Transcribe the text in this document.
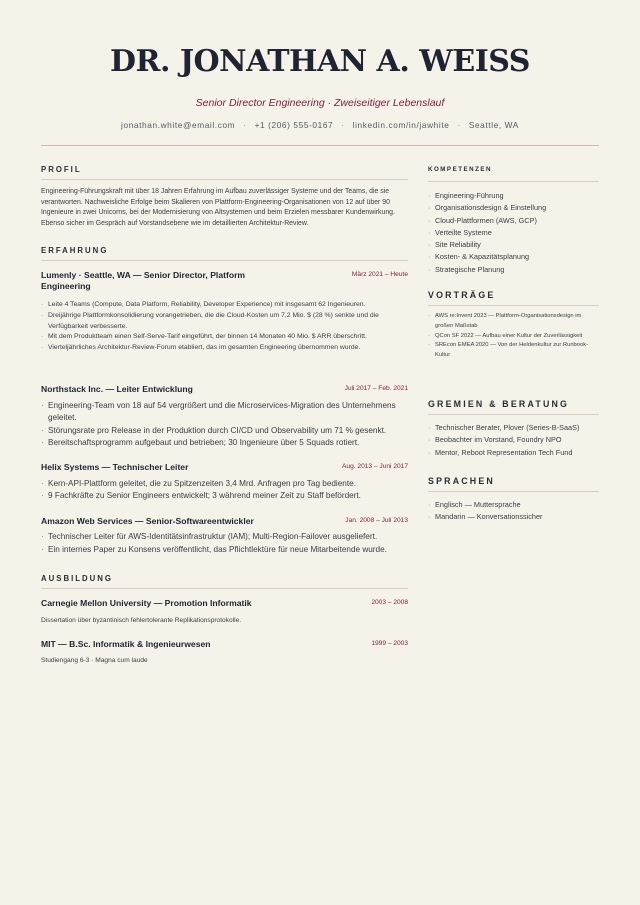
DR. JONATHAN A. WEISS
Senior Director Engineering · Zweiseitiger Lebenslauf
jonathan.white@email.com · +1 (206) 555-0167 · linkedin.com/in/jawhite · Seattle, WA
PROFIL
Engineering-Führungskraft mit über 18 Jahren Erfahrung im Aufbau zuverlässiger Systeme und der Teams, die sie verantworten. Nachweisliche Erfolge beim Skalieren von Plattform-Engineering-Organisationen von 12 auf über 90 Ingenieure in zwei Unicorns, bei der Modernisierung von Altsystemen und beim Erzielen messbarer Kundenwirkung. Ebenso sicher im Gespräch auf Vorstandsebene wie im detaillierten Architektur-Review.
ERFAHRUNG
Lumenly · Seattle, WA — Senior Director, Platform Engineering
März 2021 – Heute
· Leite 4 Teams (Compute, Data Platform, Reliability, Developer Experience) mit insgesamt 62 Ingenieuren.
· Dreijährige Plattformkonsolidierung vorangetrieben, die die Cloud-Kosten um 7,2 Mio. $ (28 %) senkte und die Verfügbarkeit verbesserte.
· Mit dem Produktteam einen Self-Serve-Tarif eingeführt, der binnen 14 Monaten 40 Mio. $ ARR überschritt.
· Vierteljährliches Architektur-Review-Forum etabliert, das im gesamten Engineering übernommen wurde.
Northstack Inc. — Leiter Entwicklung	Juli 2017 – Feb. 2021
· Engineering-Team von 18 auf 54 vergrößert und die Microservices-Migration des Unternehmens geleitet.
· Störungsrate pro Release in der Produktion durch CI/CD und Observability um 71 % gesenkt.
· Bereitschaftsprogramm aufgebaut und betrieben; 30 Ingenieure über 5 Squads rotiert.
Helix Systems — Technischer Leiter	Aug. 2013 – Juni 2017
· Kern-API-Plattform geleitet, die zu Spitzenzeiten 3,4 Mrd. Anfragen pro Tag bediente.
· 9 Fachkräfte zu Senior Engineers entwickelt; 3 während meiner Zeit zu Staff befördert.
Amazon Web Services — Senior-Softwareentwickler	Jan. 2008 – Juli 2013
· Technischer Leiter für AWS-Identitätsinfrastruktur (IAM); Multi-Region-Failover ausgeliefert.
· Ein internes Paper zu Konsens veröffentlicht, das Pflichtlektüre für neue Mitarbeitende wurde.
AUSBILDUNG
Carnegie Mellon University — Promotion Informatik	2003 – 2008
Dissertation über byzantinisch fehlertolerante Replikationsprotokolle.
MIT — B.Sc. Informatik & Ingenieurwesen	1999 – 2003
Studiengang 6-3 · Magna cum laude
KOMPETENZEN
· Engineering-Führung
· Organisationsdesign & Einstellung
· Cloud-Plattformen (AWS, GCP)
· Verteilte Systeme
· Site Reliability
· Kosten- & Kapazitätsplanung
· Strategische Planung
VORTRÄGE
· AWS re:Invent 2023 — Plattform-Organisationsdesign im großen Maßstab
· QCon SF 2022 — Aufbau einer Kultur der Zuverlässigkeit
· SREcon EMEA 2020 — Von der Heldenkultur zur Runbook-Kultur
GREMIEN & BERATUNG
· Technischer Berater, Plover (Series-B-SaaS)
· Beobachter im Vorstand, Foundry NPO
· Mentor, Reboot Representation Tech Fund
SPRACHEN
· Englisch — Muttersprache
· Mandarin — Konversationssicher
